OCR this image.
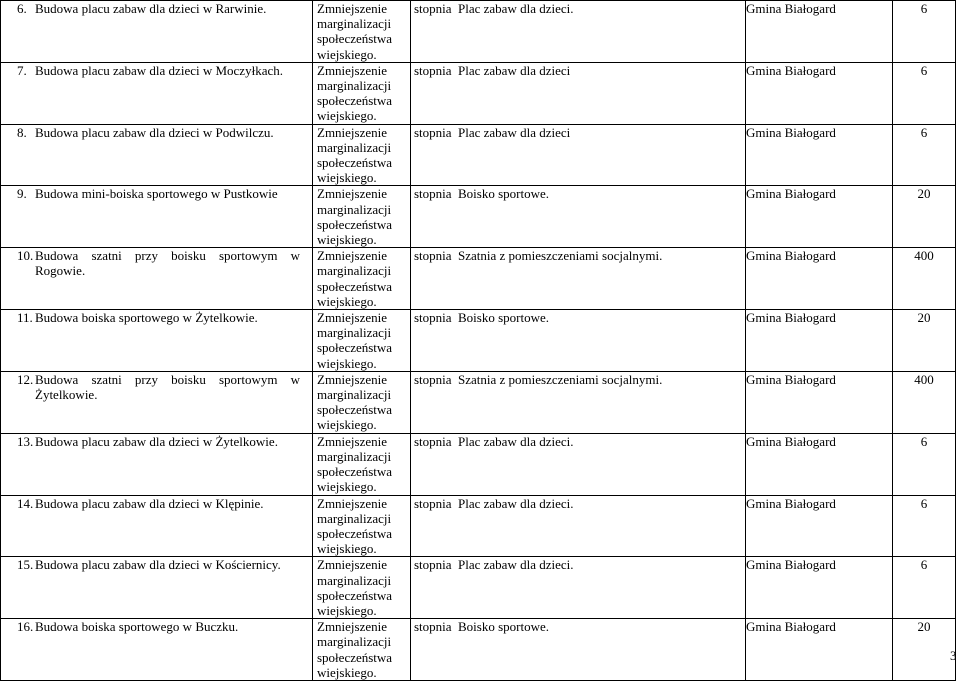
6. Budowa placu zabaw dla dzieci w Rarwinie.	Zmniejszenie
marginalizacji
społeczeństwa
wiejskiego.	stopnia Plac zabaw dla dzieci.	Gmina Białogard	6
7. Budowa placu zabaw dla dzieci w Moczyłkach.	Zmniejszenie
marginalizacji
społeczeństwa
wiejskiego.	stopnia Plac zabaw dla dzieci	Gmina Białogard	6
8. Budowa placu zabaw dla dzieci w Podwilczu.	Zmniejszenie
marginalizacji
społeczeństwa
wiejskiego.	stopnia Plac zabaw dla dzieci	Gmina Białogard	6
9. Budowa mini-boiska sportowego w Pustkowie	Zmniejszenie
marginalizacji
społeczeństwa
wiejskiego.	stopnia Boisko sportowe.	Gmina Białogard	20
10. Budowa szatni przy boisku sportowym w Rogowie.	Zmniejszenie
marginalizacji
społeczeństwa
wiejskiego.	stopnia Szatnia z pomieszczeniami socjalnymi.	Gmina Białogard	400
11. Budowa boiska sportowego w Żytelkowie.	Zmniejszenie
marginalizacji
społeczeństwa
wiejskiego.	stopnia Boisko sportowe.	Gmina Białogard	20
12. Budowa szatni przy boisku sportowym w Żytelkowie.	Zmniejszenie
marginalizacji
społeczeństwa
wiejskiego.	stopnia Szatnia z pomieszczeniami socjalnymi.	Gmina Białogard	400
13. Budowa placu zabaw dla dzieci w Żytelkowie.	Zmniejszenie
marginalizacji
społeczeństwa
wiejskiego.	stopnia Plac zabaw dla dzieci.	Gmina Białogard	6
14. Budowa placu zabaw dla dzieci w Klępinie.	Zmniejszenie
marginalizacji
społeczeństwa
wiejskiego.	stopnia Plac zabaw dla dzieci.	Gmina Białogard	6
15. Budowa placu zabaw dla dzieci w Kościernicy.	Zmniejszenie
marginalizacji
społeczeństwa
wiejskiego.	stopnia Plac zabaw dla dzieci.	Gmina Białogard	6
16. Budowa boiska sportowego w Buczku.	Zmniejszenie
marginalizacji
społeczeństwa
wiejskiego.	stopnia Boisko sportowe.	Gmina Białogard	20
3
